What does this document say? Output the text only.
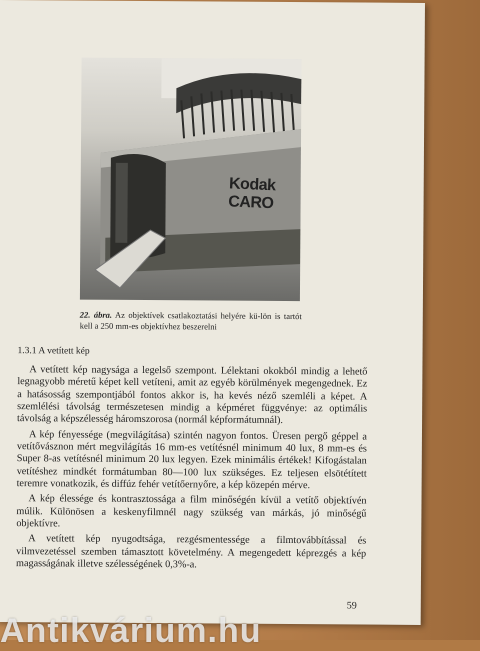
Kodak CARO
22. ábra. Az objektívek csatlakoztatási helyére kü-lön is tartót kell a 250 mm-es objektívhez beszerelni
1.3.1 A vetített kép

A vetített kép nagysága a legelső szempont. Lélektani okokból mindig a lehető legnagyobb méretű képet kell vetíteni, amit az egyéb körülmények megengednek. Ez a hatásosság szempontjából fontos akkor is, ha kevés néző szemléli a képet. A szemlélési távolság természetesen mindig a képméret függvénye: az optimális távolság a képszélesség háromszorosa (normál képformátumnál).

A kép fényessége (megvilágítása) szintén nagyon fontos. Üresen pergő géppel a vetítővásznon mért megvilágítás 16 mm-es vetítésnél minimum 40 lux, 8 mm-es és Super 8-as vetítésnél minimum 20 lux legyen. Ezek minimális értékek! Kifogástalan vetítéshez mindkét formátumban 80—100 lux szükséges. Ez teljesen elsötétített teremre vonatkozik, és diffúz fehér vetítőernyőre, a kép közepén mérve.

A kép élessége és kontrasztossága a film minőségén kívül a vetítő objektívén múlik. Különösen a keskenyfilmnél nagy szükség van márkás, jó minőségű objektívre.

A vetített kép nyugodtsága, rezgésmentessége a filmtovábbítással és vilmvezetéssel szemben támasztott követelmény. A megengedett képrezgés a kép magasságának illetve szélességének 0,3%-a.

59
Antikvárium.hu
